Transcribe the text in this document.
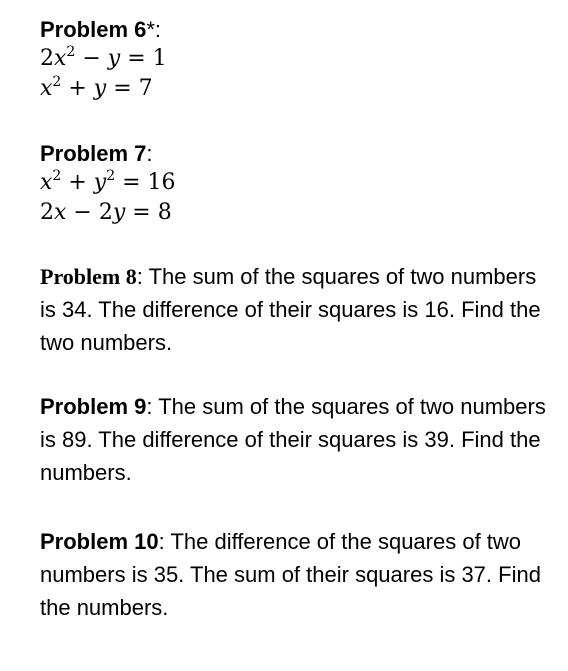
Problem 6*:

$2x^2 - y = 1$

$x^2 + y = 7$

Problem 7:

$x^2 + y^2 = 16$

2x − 2y = 8

Problem 8: The sum of the squares of two numbers is 34. The difference of their squares is 16. Find the two numbers.

Problem 9: The sum of the squares of two numbers is 89. The difference of their squares is 39. Find the numbers.

Problem 10: The difference of the squares of two numbers is 35. The sum of their squares is 37. Find the numbers.
